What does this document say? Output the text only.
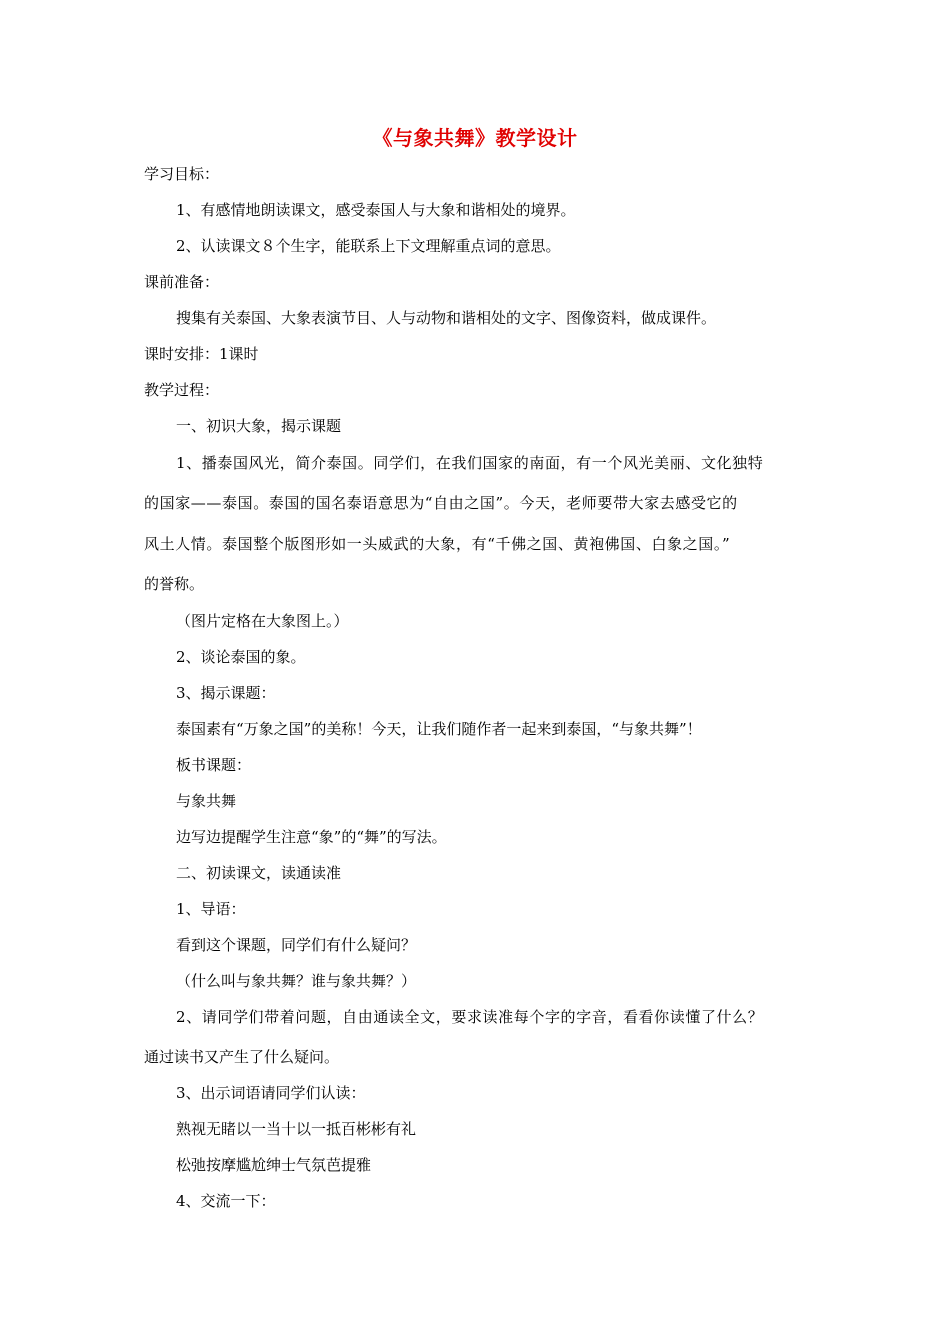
《与象共舞》教学设计
学习目标：
1、有感情地朗读课文，感受泰国人与大象和谐相处的境界。
2、认读课文８个生字，能联系上下文理解重点词的意思。
课前准备：
搜集有关泰国、大象表演节目、人与动物和谐相处的文字、图像资料，做成课件。
课时安排：1课时
教学过程：
一、初识大象，揭示课题
1、播泰国风光，简介泰国。同学们，在我们国家的南面，有一个风光美丽、文化独特
的国家——泰国。泰国的国名泰语意思为“自由之国”。今天，老师要带大家去感受它的
风土人情。泰国整个版图形如一头威武的大象，有“千佛之国、黄袍佛国、白象之国。”
的誉称。
（图片定格在大象图上。）
2、谈论泰国的象。
3、揭示课题：
泰国素有“万象之国”的美称！今天，让我们随作者一起来到泰国，“与象共舞”！
板书课题：
与象共舞
边写边提醒学生注意“象”的“舞”的写法。
二、初读课文，读通读准
1、导语：
看到这个课题，同学们有什么疑问？
（什么叫与象共舞？谁与象共舞？）
2、请同学们带着问题，自由通读全文，要求读准每个字的字音，看看你读懂了什么？
通过读书又产生了什么疑问。
3、出示词语请同学们认读：
熟视无睹以一当十以一抵百彬彬有礼
松弛按摩尴尬绅士气氛芭提雅
4、交流一下：
